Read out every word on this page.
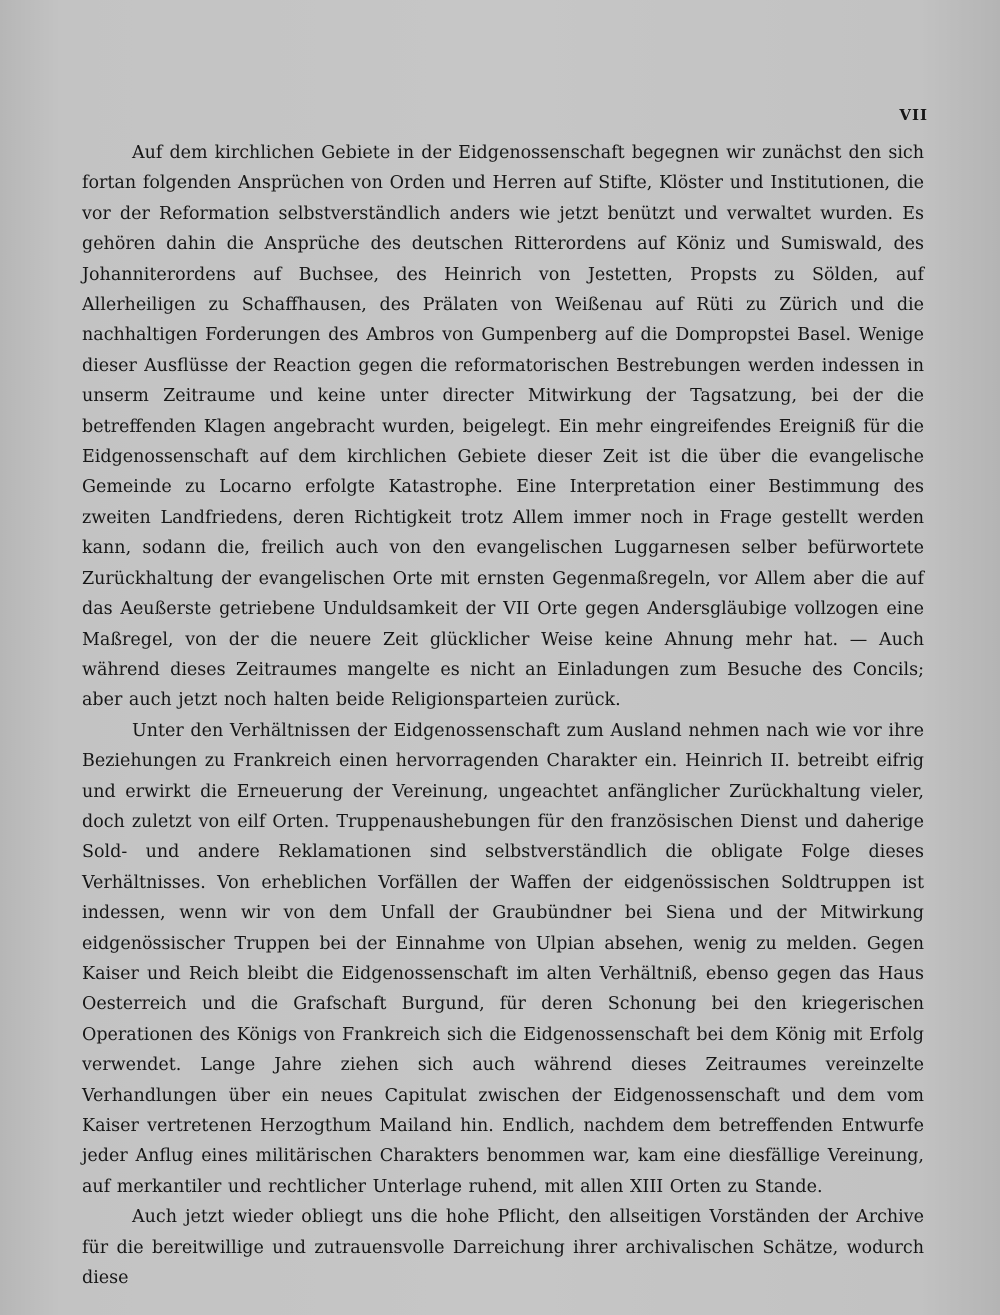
VII

Auf dem kirchlichen Gebiete in der Eidgenossenschaft begegnen wir zunächst den sich fortan folgenden Ansprüchen von Orden und Herren auf Stifte, Klöster und Institutionen, die vor der Reformation selbstverständlich anders wie jetzt benützt und verwaltet wurden. Es gehören dahin die Ansprüche des deutschen Ritterordens auf Köniz und Sumiswald, des Johanniterordens auf Buchsee, des Heinrich von Jestetten, Propsts zu Sölden, auf Allerheiligen zu Schaffhausen, des Prälaten von Weißenau auf Rüti zu Zürich und die nachhaltigen Forderungen des Ambros von Gumpenberg auf die Dompropstei Basel. Wenige dieser Ausflüsse der Reaction gegen die reformatorischen Bestrebungen werden indessen in unserm Zeitraume und keine unter directer Mitwirkung der Tagsatzung, bei der die betreffenden Klagen angebracht wurden, beigelegt. Ein mehr eingreifendes Ereigniß für die Eidgenossenschaft auf dem kirchlichen Gebiete dieser Zeit ist die über die evangelische Gemeinde zu Locarno erfolgte Katastrophe. Eine Interpretation einer Bestimmung des zweiten Landfriedens, deren Richtigkeit trotz Allem immer noch in Frage gestellt werden kann, sodann die, freilich auch von den evangelischen Luggarnesen selber befürwortete Zurückhaltung der evangelischen Orte mit ernsten Gegenmaßregeln, vor Allem aber die auf das Aeußerste getriebene Unduldsamkeit der VII Orte gegen Andersgläubige vollzogen eine Maßregel, von der die neuere Zeit glücklicher Weise keine Ahnung mehr hat. — Auch während dieses Zeitraumes mangelte es nicht an Einladungen zum Besuche des Concils; aber auch jetzt noch halten beide Religionsparteien zurück.

Unter den Verhältnissen der Eidgenossenschaft zum Ausland nehmen nach wie vor ihre Beziehungen zu Frankreich einen hervorragenden Charakter ein. Heinrich II. betreibt eifrig und erwirkt die Erneuerung der Vereinung, ungeachtet anfänglicher Zurückhaltung vieler, doch zuletzt von eilf Orten. Truppenaushebungen für den französischen Dienst und daherige Sold- und andere Reklamationen sind selbstverständlich die obligate Folge dieses Verhältnisses. Von erheblichen Vorfällen der Waffen der eidgenössischen Soldtruppen ist indessen, wenn wir von dem Unfall der Graubündner bei Siena und der Mitwirkung eidgenössischer Truppen bei der Einnahme von Ulpian absehen, wenig zu melden. Gegen Kaiser und Reich bleibt die Eidgenossenschaft im alten Verhältniß, ebenso gegen das Haus Oesterreich und die Grafschaft Burgund, für deren Schonung bei den kriegerischen Operationen des Königs von Frankreich sich die Eidgenossenschaft bei dem König mit Erfolg verwendet. Lange Jahre ziehen sich auch während dieses Zeitraumes vereinzelte Verhandlungen über ein neues Capitulat zwischen der Eidgenossenschaft und dem vom Kaiser vertretenen Herzogthum Mailand hin. Endlich, nachdem dem betreffenden Entwurfe jeder Anflug eines militärischen Charakters benommen war, kam eine diesfällige Vereinung, auf merkantiler und rechtlicher Unterlage ruhend, mit allen XIII Orten zu Stande.

Auch jetzt wieder obliegt uns die hohe Pflicht, den allseitigen Vorständen der Archive für die bereitwillige und zutrauensvolle Darreichung ihrer archivalischen Schätze, wodurch diese
